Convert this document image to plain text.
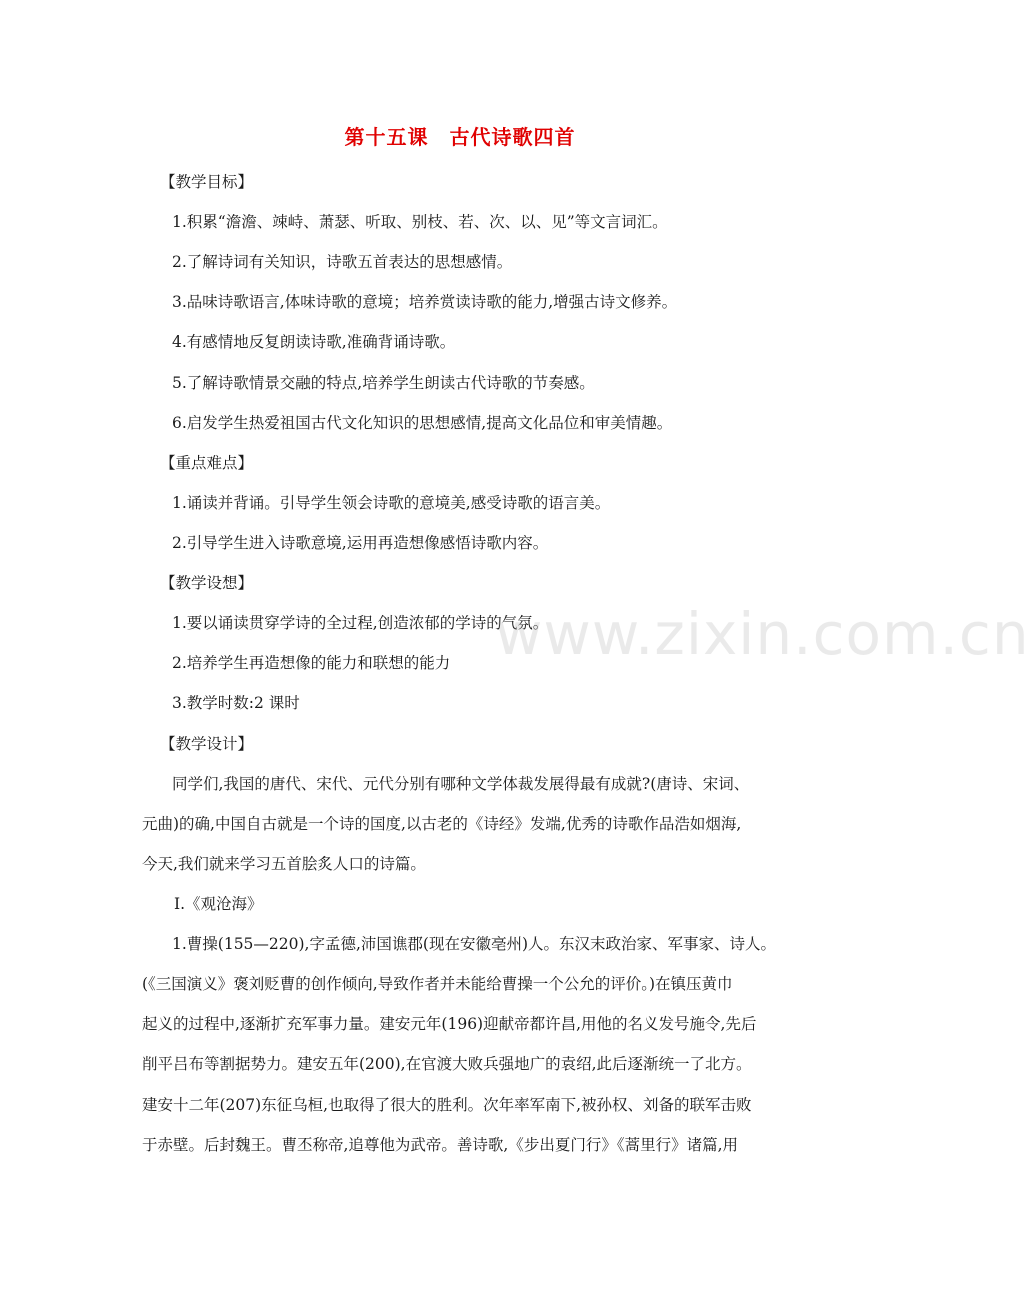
第十五课　古代诗歌四首
【教学目标】
1.积累“澹澹、竦峙、萧瑟、听取、别枝、若、次、以、见”等文言词汇。
2.了解诗词有关知识，诗歌五首表达的思想感情。
3.品味诗歌语言,体味诗歌的意境；培养赏读诗歌的能力,增强古诗文修养。
4.有感情地反复朗读诗歌,准确背诵诗歌。
5.了解诗歌情景交融的特点,培养学生朗读古代诗歌的节奏感。
6.启发学生热爱祖国古代文化知识的思想感情,提高文化品位和审美情趣。
【重点难点】
1.诵读并背诵。引导学生领会诗歌的意境美,感受诗歌的语言美。
2.引导学生进入诗歌意境,运用再造想像感悟诗歌内容。
【教学设想】
1.要以诵读贯穿学诗的全过程,创造浓郁的学诗的气氛。
2.培养学生再造想像的能力和联想的能力
3.教学时数:2 课时
【教学设计】
同学们,我国的唐代、宋代、元代分别有哪种文学体裁发展得最有成就?(唐诗、宋词、
元曲)的确,中国自古就是一个诗的国度,以古老的《诗经》发端,优秀的诗歌作品浩如烟海,
今天,我们就来学习五首脍炙人口的诗篇。
Ⅰ.《观沧海》
1.曹操(155—220),字孟德,沛国谯郡(现在安徽亳州)人。东汉末政治家、军事家、诗人。
(《三国演义》褒刘贬曹的创作倾向,导致作者并未能给曹操一个公允的评价。)在镇压黄巾
起义的过程中,逐渐扩充军事力量。建安元年(196)迎献帝都许昌,用他的名义发号施令,先后
削平吕布等割据势力。建安五年(200),在官渡大败兵强地广的袁绍,此后逐渐统一了北方。
建安十二年(207)东征乌桓,也取得了很大的胜利。次年率军南下,被孙权、刘备的联军击败
于赤壁。后封魏王。曹丕称帝,追尊他为武帝。善诗歌,《步出夏门行》《蒿里行》诸篇,用
www.zixin.com.cn
